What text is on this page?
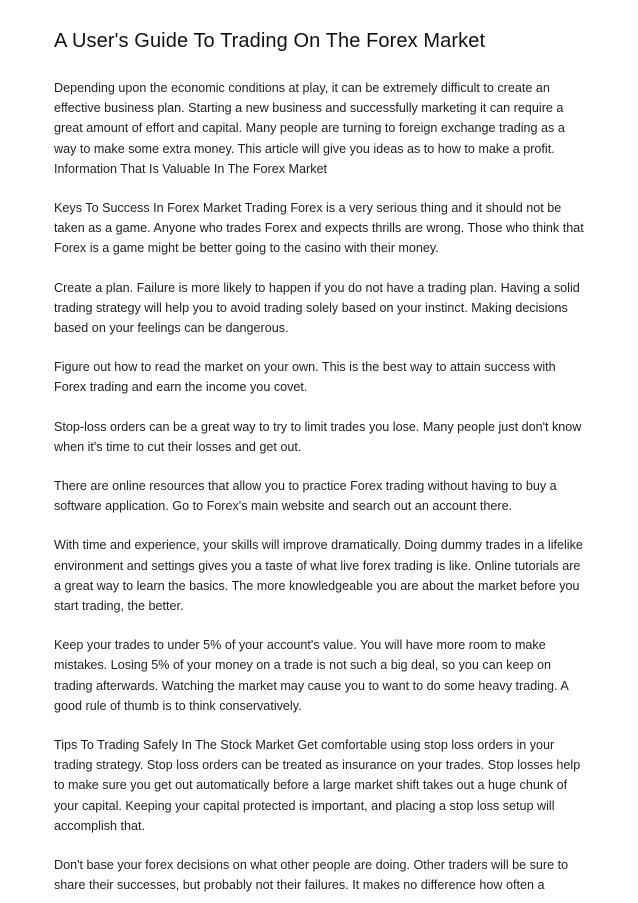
A User's Guide To Trading On The Forex Market

Depending upon the economic conditions at play, it can be extremely difficult to create an effective business plan. Starting a new business and successfully marketing it can require a great amount of effort and capital. Many people are turning to foreign exchange trading as a way to make some extra money. This article will give you ideas as to how to make a profit.
Information That Is Valuable In The Forex Market

Keys To Success In Forex Market Trading Forex is a very serious thing and it should not be taken as a game. Anyone who trades Forex and expects thrills are wrong. Those who think that Forex is a game might be better going to the casino with their money.

Create a plan. Failure is more likely to happen if you do not have a trading plan. Having a solid trading strategy will help you to avoid trading solely based on your instinct. Making decisions based on your feelings can be dangerous.

Figure out how to read the market on your own. This is the best way to attain success with Forex trading and earn the income you covet.

Stop-loss orders can be a great way to try to limit trades you lose. Many people just don't know when it's time to cut their losses and get out.

There are online resources that allow you to practice Forex trading without having to buy a software application. Go to Forex's main website and search out an account there.

With time and experience, your skills will improve dramatically. Doing dummy trades in a lifelike environment and settings gives you a taste of what live forex trading is like. Online tutorials are a great way to learn the basics. The more knowledgeable you are about the market before you start trading, the better.

Keep your trades to under 5% of your account's value. You will have more room to make mistakes. Losing 5% of your money on a trade is not such a big deal, so you can keep on trading afterwards. Watching the market may cause you to want to do some heavy trading. A good rule of thumb is to think conservatively.

Tips To Trading Safely In The Stock Market Get comfortable using stop loss orders in your trading strategy. Stop loss orders can be treated as insurance on your trades. Stop losses help to make sure you get out automatically before a large market shift takes out a huge chunk of your capital. Keeping your capital protected is important, and placing a stop loss setup will accomplish that.

Don't base your forex decisions on what other people are doing. Other traders will be sure to share their successes, but probably not their failures. It makes no difference how often a
